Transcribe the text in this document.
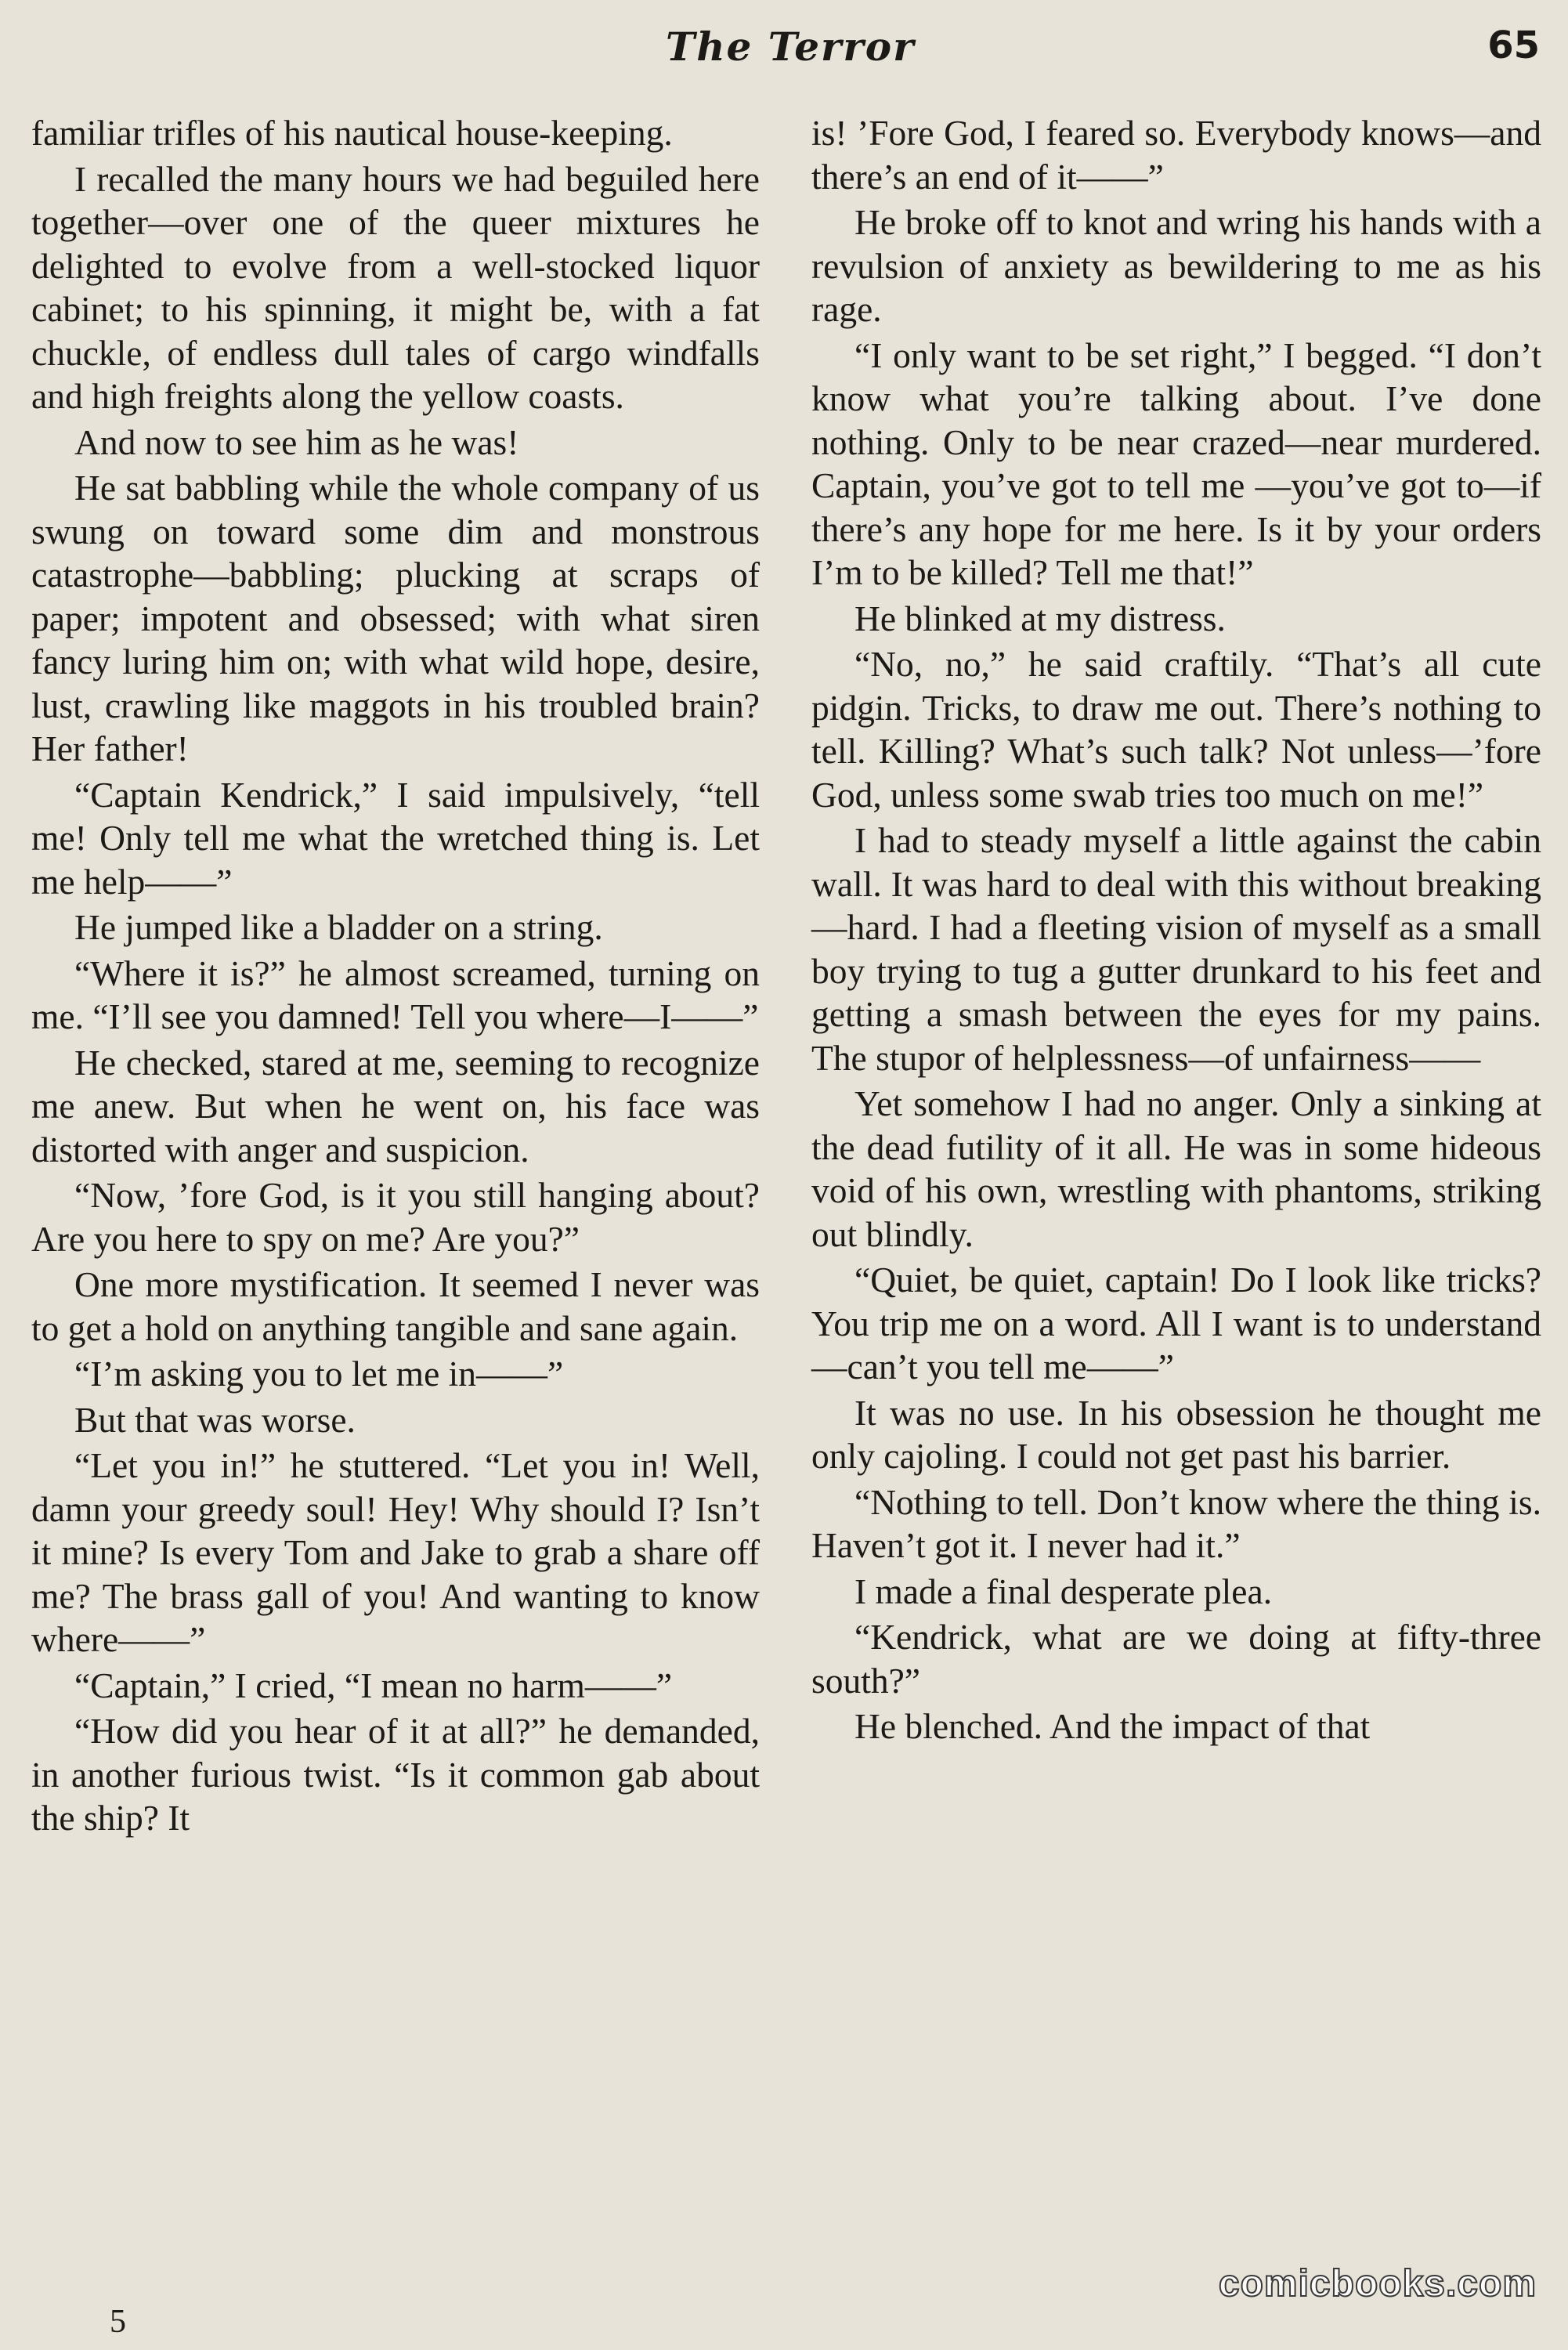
The Terror	65

familiar trifles of his nautical house-keeping.

I recalled the many hours we had beguiled here together—over one of the queer mixtures he delighted to evolve from a well-stocked liquor cabinet; to his spinning, it might be, with a fat chuckle, of endless dull tales of cargo windfalls and high freights along the yellow coasts.

And now to see him as he was!

He sat babbling while the whole company of us swung on toward some dim and monstrous catastrophe—babbling; plucking at scraps of paper; impotent and obsessed; with what siren fancy luring him on; with what wild hope, desire, lust, crawling like maggots in his troubled brain? Her father!

“Captain Kendrick,” I said impulsively, “tell me! Only tell me what the wretched thing is. Let me help——”

He jumped like a bladder on a string.

“Where it is?” he almost screamed, turning on me. “I’ll see you damned! Tell you where—I——”

He checked, stared at me, seeming to recognize me anew. But when he went on, his face was distorted with anger and suspicion.

“Now, ’fore God, is it you still hanging about? Are you here to spy on me? Are you?”

One more mystification. It seemed I never was to get a hold on anything tangible and sane again.

“I’m asking you to let me in——”

But that was worse.

“Let you in!” he stuttered. “Let you in! Well, damn your greedy soul! Hey! Why should I? Isn’t it mine? Is every Tom and Jake to grab a share off me? The brass gall of you! And wanting to know where——”

“Captain,” I cried, “I mean no harm——”

“How did you hear of it at all?” he demanded, in another furious twist. “Is it common gab about the ship? It

is! ’Fore God, I feared so. Everybody knows—and there’s an end of it——”

He broke off to knot and wring his hands with a revulsion of anxiety as bewildering to me as his rage.

“I only want to be set right,” I begged. “I don’t know what you’re talking about. I’ve done nothing. Only to be near crazed—near murdered. Captain, you’ve got to tell me —you’ve got to—if there’s any hope for me here. Is it by your orders I’m to be killed? Tell me that!”

He blinked at my distress.

“No, no,” he said craftily. “That’s all cute pidgin. Tricks, to draw me out. There’s nothing to tell. Killing? What’s such talk? Not unless—’fore God, unless some swab tries too much on me!”

I had to steady myself a little against the cabin wall. It was hard to deal with this without breaking—hard. I had a fleeting vision of myself as a small boy trying to tug a gutter drunkard to his feet and getting a smash between the eyes for my pains. The stupor of helplessness—of unfairness——

Yet somehow I had no anger. Only a sinking at the dead futility of it all. He was in some hideous void of his own, wrestling with phantoms, striking out blindly.

“Quiet, be quiet, captain! Do I look like tricks? You trip me on a word. All I want is to understand—can’t you tell me——”

It was no use. In his obsession he thought me only cajoling. I could not get past his barrier.

“Nothing to tell. Don’t know where the thing is. Haven’t got it. I never had it.”

I made a final desperate plea.

“Kendrick, what are we doing at fifty-three south?”

He blenched. And the impact of that

5
comicbooks.com
